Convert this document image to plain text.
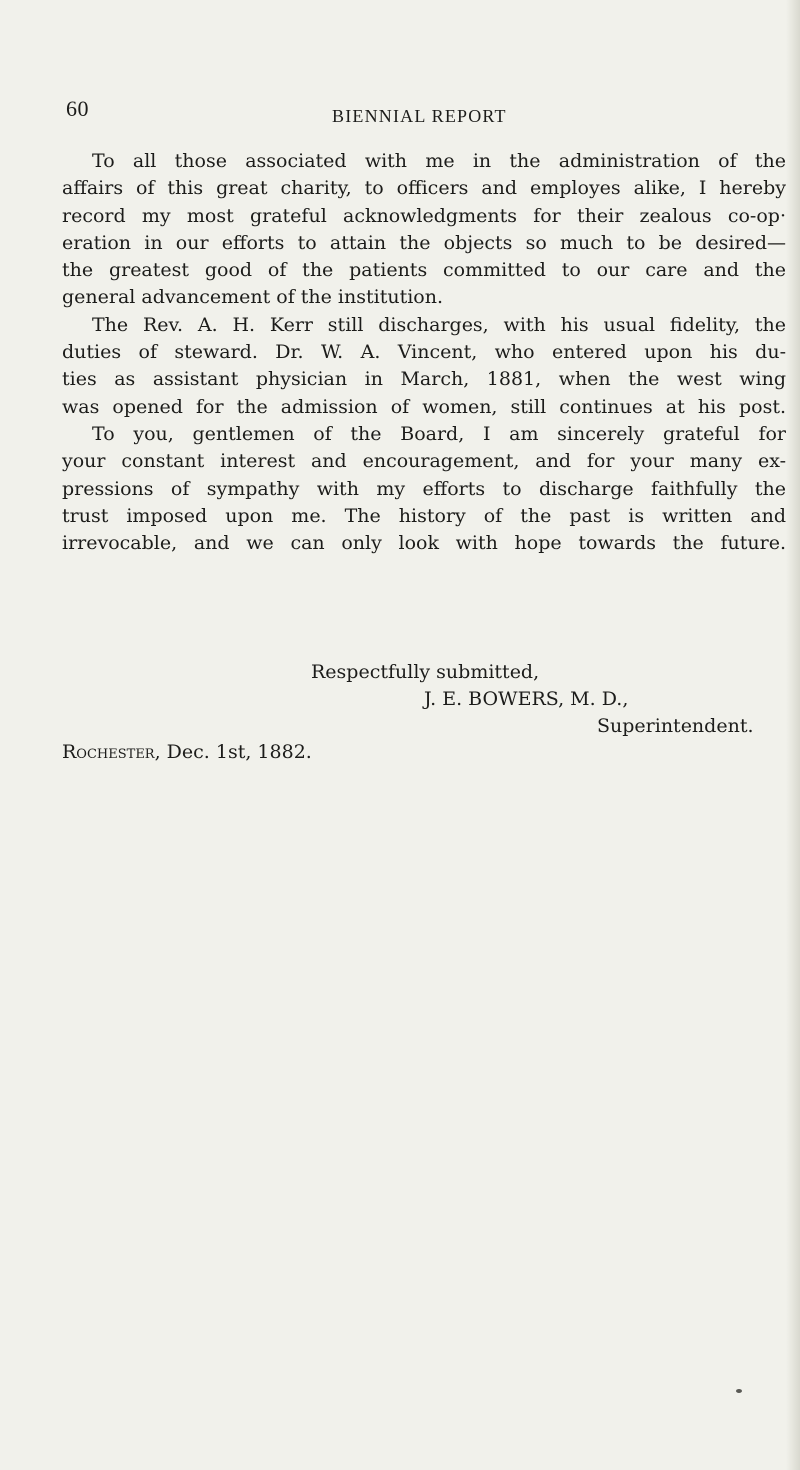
60	BIENNIAL REPORT

To all those associated with me in the administration of the
affairs of this great charity, to officers and employes alike, I hereby
record my most grateful acknowledgments for their zealous co-op·
eration in our efforts to attain the objects so much to be desired—
the greatest good of the patients committed to our care and the
general advancement of the institution.
The Rev. A. H. Kerr still discharges, with his usual fidelity, the
duties of steward. Dr. W. A. Vincent, who entered upon his du-
ties as assistant physician in March, 1881, when the west wing
was opened for the admission of women, still continues at his post.
To you, gentlemen of the Board, I am sincerely grateful for
your constant interest and encouragement, and for your many ex-
pressions of sympathy with my efforts to discharge faithfully the
trust imposed upon me. The history of the past is written and
irrevocable, and we can only look with hope towards the future.

Respectfully submitted,

J. E. BOWERS, M. D.,

Superintendent.

Rochester, Dec. 1st, 1882.
